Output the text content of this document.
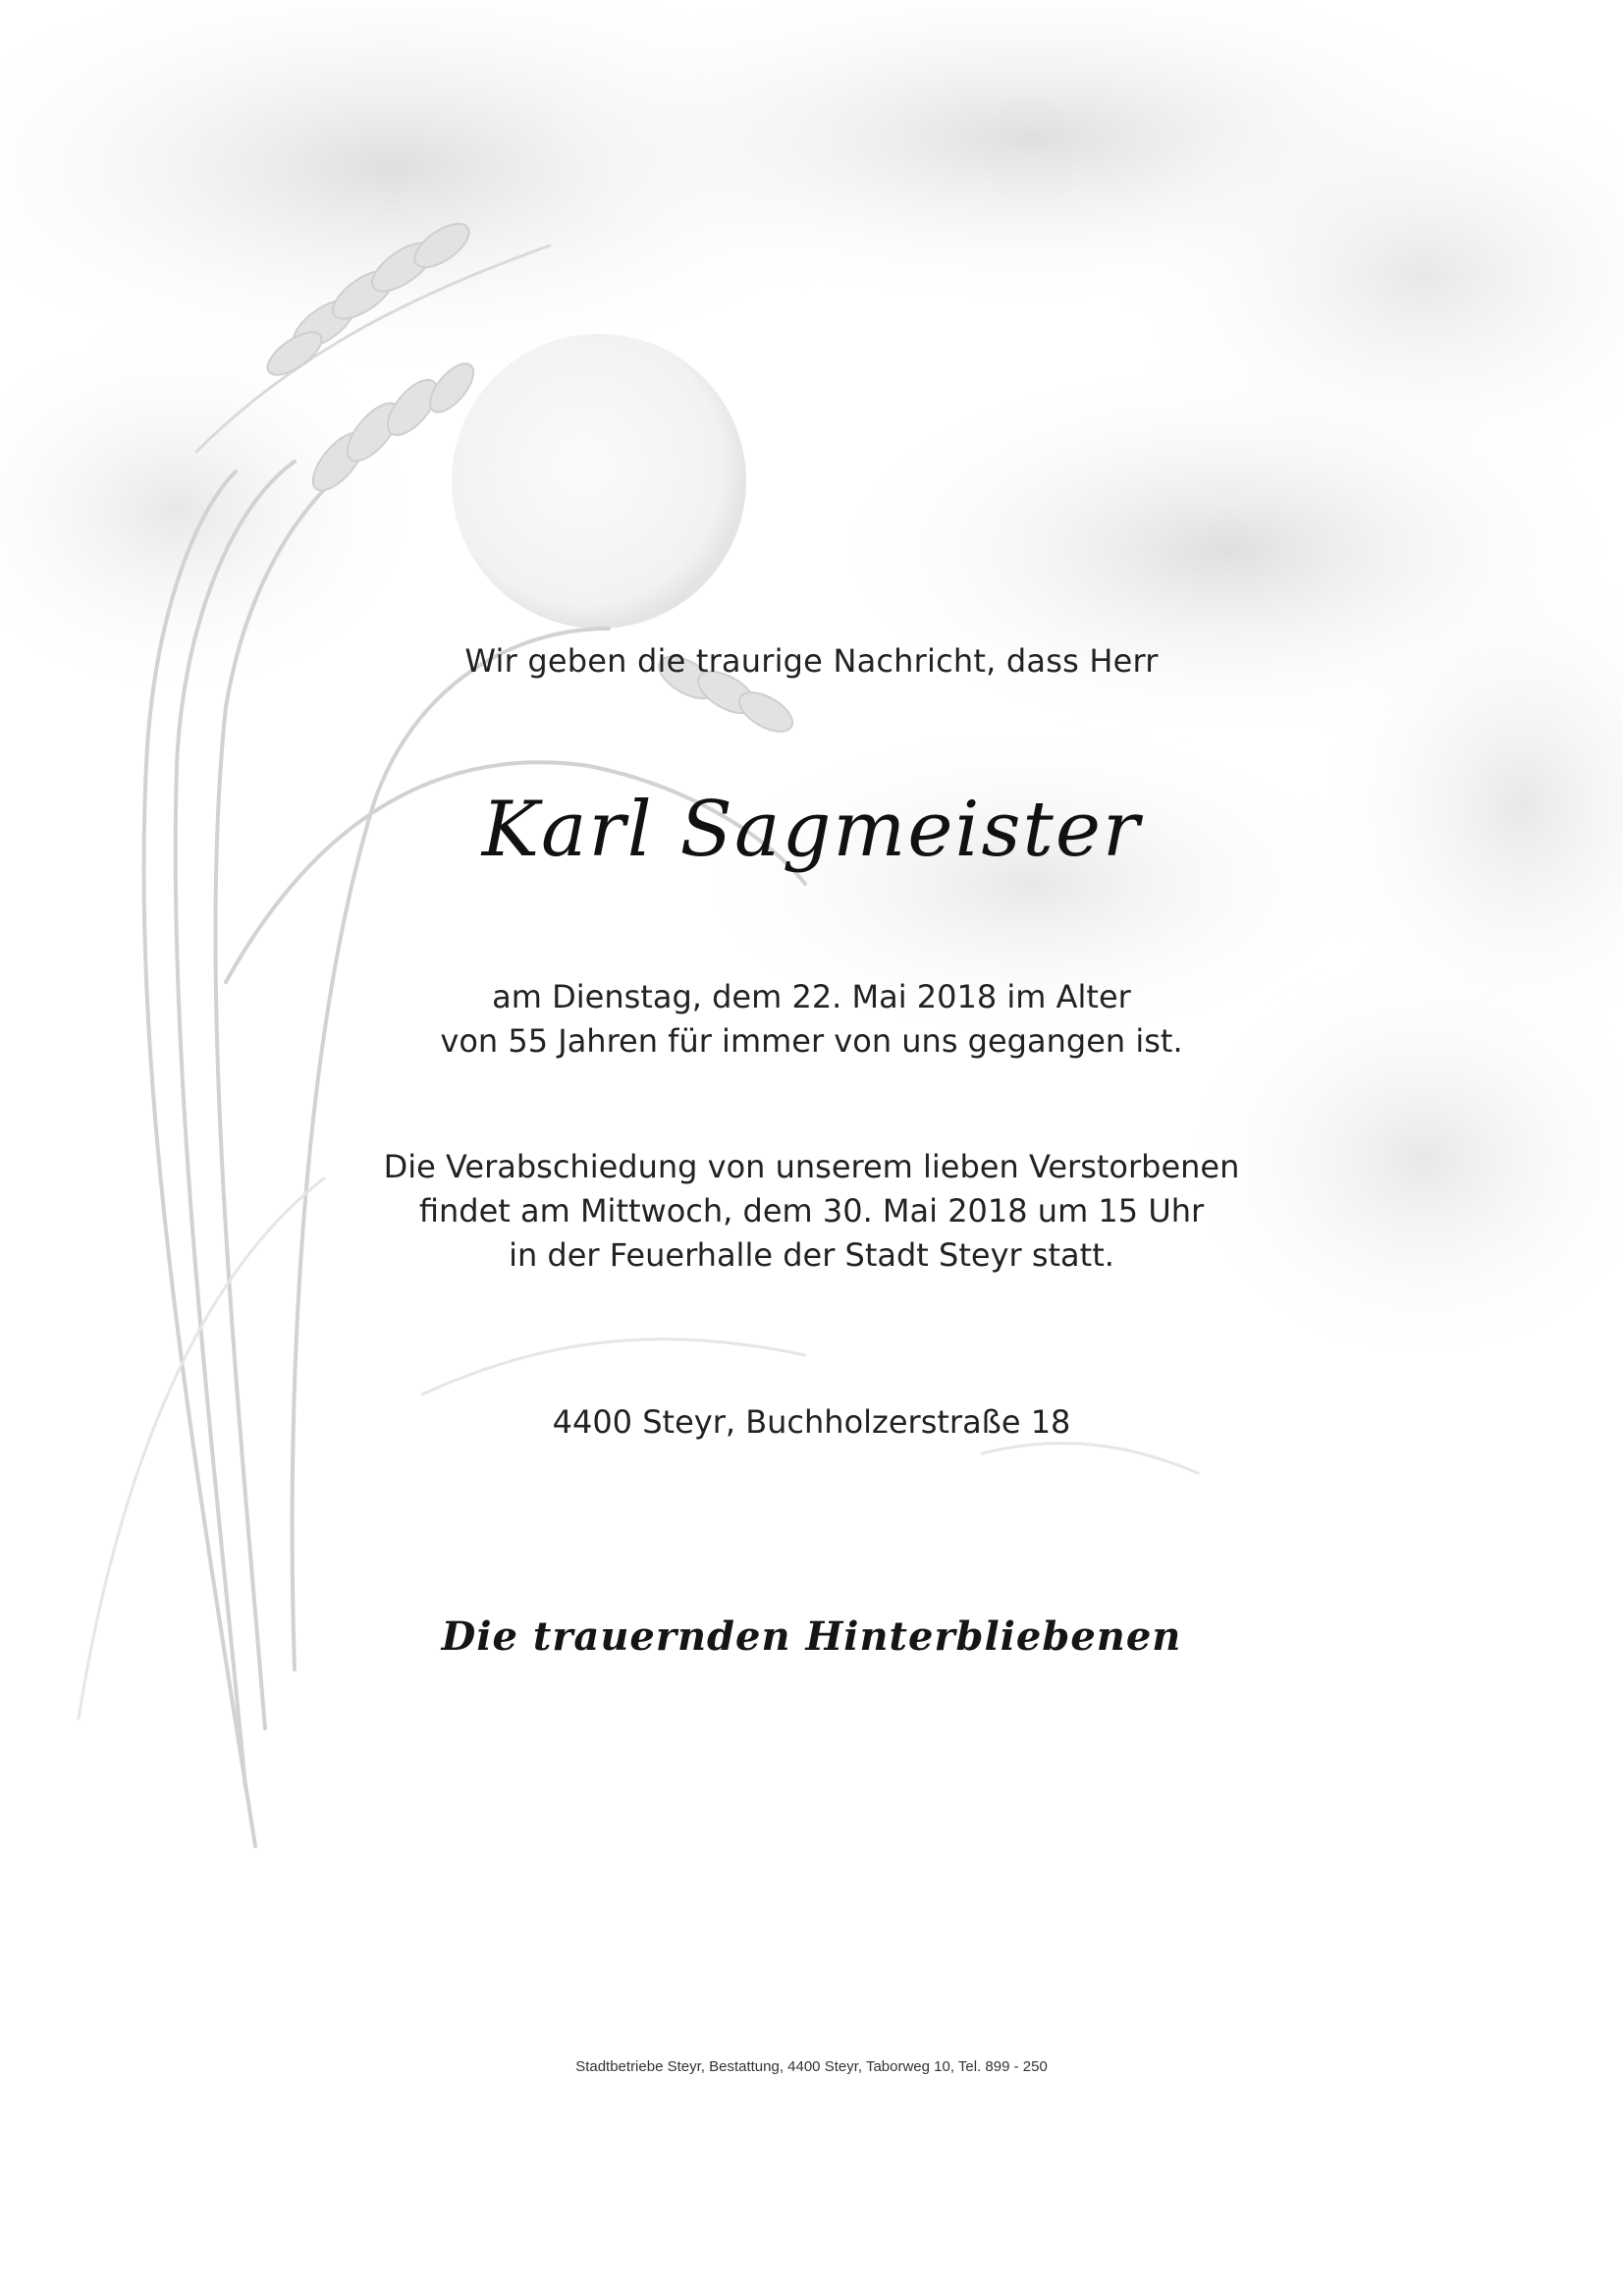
Wir geben die traurige Nachricht, dass Herr
Karl Sagmeister
am Dienstag, dem 22. Mai 2018 im Alter
von 55 Jahren für immer von uns gegangen ist.
Die Verabschiedung von unserem lieben Verstorbenen
findet am Mittwoch, dem 30. Mai 2018 um 15 Uhr
in der Feuerhalle der Stadt Steyr statt.
4400 Steyr, Buchholzerstraße 18
Die trauernden Hinterbliebenen
Stadtbetriebe Steyr, Bestattung, 4400 Steyr, Taborweg 10, Tel. 899 - 250
